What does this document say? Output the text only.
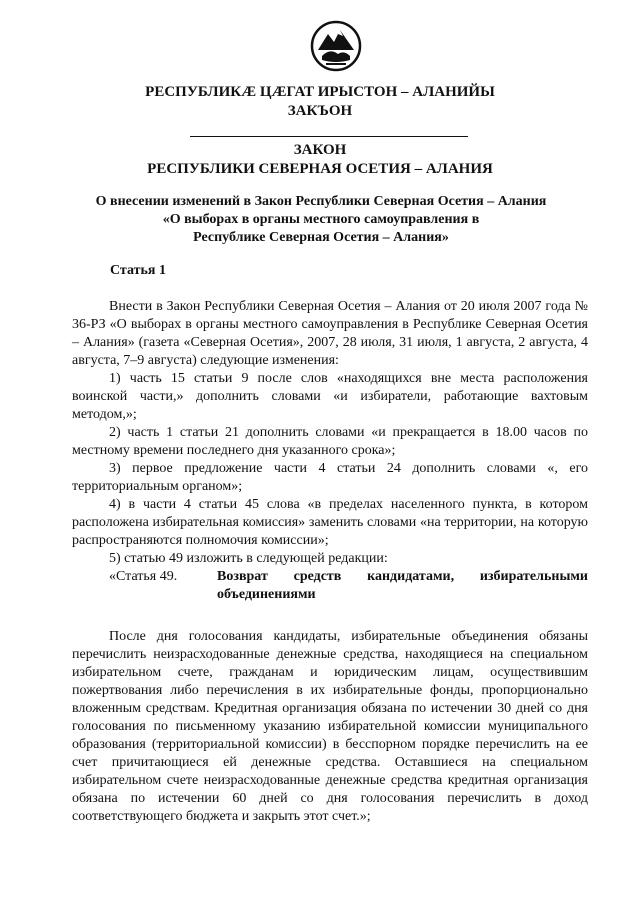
РЕСПУБЛИКÆ ЦÆГАТ ИРЫСТОН – АЛАНИЙЫ
ЗАКЪОН
ЗАКОН
РЕСПУБЛИКИ СЕВЕРНАЯ ОСЕТИЯ – АЛАНИЯ
О внесении изменений в Закон Республики Северная Осетия – Алания
«О выборах в органы местного самоуправления в
Республике Северная Осетия – Алания»
Статья 1

Внести в Закон Республики Северная Осетия – Алания от 20 июля 2007 года № 36-РЗ «О выборах в органы местного самоуправления в Республике Северная Осетия – Алания» (газета «Северная Осетия», 2007, 28 июля, 31 июля, 1 августа, 2 августа, 4 августа, 7–9 августа) следующие изменения:

1) часть 15 статьи 9 после слов «находящихся вне места расположения воинской части,» дополнить словами «и избиратели, работающие вахтовым методом,»;

2) часть 1 статьи 21 дополнить словами «и прекращается в 18.00 часов по местному времени последнего дня указанного срока»;

3) первое предложение части 4 статьи 24 дополнить словами «, его территориальным органом»;

4) в части 4 статьи 45 слова «в пределах населенного пункта, в котором расположена избирательная комиссия» заменить словами «на территории, на которую распространяются полномочия комиссии»;

5) статью 49 изложить в следующей редакции:

«Статья 49.	Возврат средств кандидатами, избирательными объединениями

После дня голосования кандидаты, избирательные объединения обязаны перечислить неизрасходованные денежные средства, находящиеся на специальном избирательном счете, гражданам и юридическим лицам, осуществившим пожертвования либо перечисления в их избирательные фонды, пропорционально вложенным средствам. Кредитная организация обязана по истечении 30 дней со дня голосования по письменному указанию избирательной комиссии муниципального образования (территориальной комиссии) в бесспорном порядке перечислить на ее счет причитающиеся ей денежные средства. Оставшиеся на специальном избирательном счете неизрасходованные денежные средства кредитная организация обязана по истечении 60 дней со дня голосования перечислить в доход соответствующего бюджета и закрыть этот счет.»;
